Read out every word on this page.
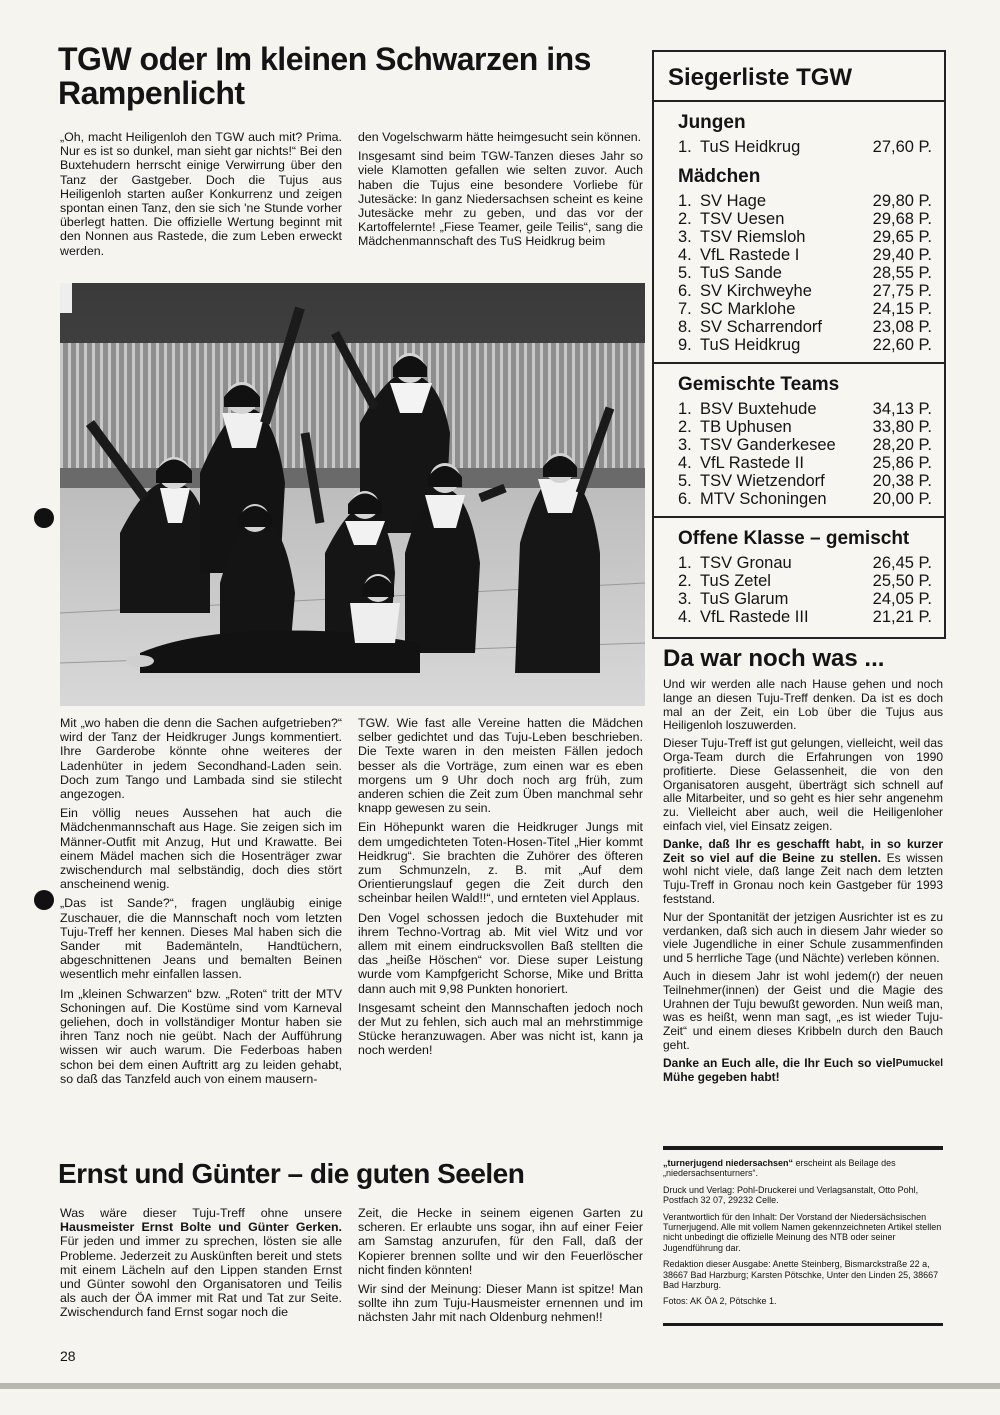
TGW oder Im kleinen Schwarzen ins Rampenlicht

„Oh, macht Heiligenloh den TGW auch mit? Prima. Nur es ist so dunkel, man sieht gar nichts!“ Bei den Buxtehudern herrscht einige Verwirrung über den Tanz der Gastgeber. Doch die Tujus aus Heiligenloh starten außer Konkurrenz und zeigen spontan einen Tanz, den sie sich 'ne Stunde vorher überlegt hatten. Die offizielle Wertung beginnt mit den Nonnen aus Rastede, die zum Leben erweckt werden.

den Vogelschwarm hätte heimgesucht sein können.

Insgesamt sind beim TGW-Tanzen dieses Jahr so viele Klamotten gefallen wie selten zuvor. Auch haben die Tujus eine besondere Vorliebe für Jutesäcke: In ganz Niedersachsen scheint es keine Jutesäcke mehr zu geben, und das vor der Kartoffelernte! „Fiese Teamer, geile Teilis“, sang die Mädchenmannschaft des TuS Heidkrug beim

Mit „wo haben die denn die Sachen aufgetrieben?“ wird der Tanz der Heidkruger Jungs kommentiert. Ihre Garderobe könnte ohne weiteres der Ladenhüter in jedem Secondhand-Laden sein. Doch zum Tango und Lambada sind sie stilecht angezogen.

Ein völlig neues Aussehen hat auch die Mädchenmannschaft aus Hage. Sie zeigen sich im Männer-Outfit mit Anzug, Hut und Krawatte. Bei einem Mädel machen sich die Hosenträger zwar zwischendurch mal selbständig, doch dies stört anscheinend wenig.

„Das ist Sande?“, fragen ungläubig einige Zuschauer, die die Mannschaft noch vom letzten Tuju-Treff her kennen. Dieses Mal haben sich die Sander mit Bademänteln, Handtüchern, abgeschnittenen Jeans und bemalten Beinen wesentlich mehr einfallen lassen.

Im „kleinen Schwarzen“ bzw. „Roten“ tritt der MTV Schoningen auf. Die Kostüme sind vom Karneval geliehen, doch in vollständiger Montur haben sie ihren Tanz noch nie geübt. Nach der Aufführung wissen wir auch warum. Die Federboas haben schon bei dem einen Auftritt arg zu leiden gehabt, so daß das Tanzfeld auch von einem mausern-

TGW. Wie fast alle Vereine hatten die Mädchen selber gedichtet und das Tuju-Leben beschrieben. Die Texte waren in den meisten Fällen jedoch besser als die Vorträge, zum einen war es eben morgens um 9 Uhr doch noch arg früh, zum anderen schien die Zeit zum Üben manchmal sehr knapp gewesen zu sein.

Ein Höhepunkt waren die Heidkruger Jungs mit dem umgedichteten Toten-Hosen-Titel „Hier kommt Heidkrug“. Sie brachten die Zuhörer des öfteren zum Schmunzeln, z. B. mit „Auf dem Orientierungslauf gegen die Zeit durch den scheinbar heilen Wald!!“, und ernteten viel Applaus.

Den Vogel schossen jedoch die Buxtehuder mit ihrem Techno-Vortrag ab. Mit viel Witz und vor allem mit einem eindrucksvollen Baß stellten die das „heiße Höschen“ vor. Diese super Leistung wurde vom Kampfgericht Schorse, Mike und Britta dann auch mit 9,98 Punkten honoriert.

Insgesamt scheint den Mannschaften jedoch noch der Mut zu fehlen, sich auch mal an mehrstimmige Stücke heranzuwagen. Aber was nicht ist, kann ja noch werden!

Siegerliste TGW
Jungen
1. TuS Heidkrug	27,60 P.
Mädchen
1. SV Hage	29,80 P.
2. TSV Uesen	29,68 P.
3. TSV Riemsloh	29,65 P.
4. VfL Rastede I	29,40 P.
5. TuS Sande	28,55 P.
6. SV Kirchweyhe	27,75 P.
7. SC Marklohe	24,15 P.
8. SV Scharrendorf	23,08 P.
9. TuS Heidkrug	22,60 P.
Gemischte Teams
1. BSV Buxtehude	34,13 P.
2. TB Uphusen	33,80 P.
3. TSV Ganderkesee	28,20 P.
4. VfL Rastede II	25,86 P.
5. TSV Wietzendorf	20,38 P.
6. MTV Schoningen	20,00 P.
Offene Klasse – gemischt
1. TSV Gronau	26,45 P.
2. TuS Zetel	25,50 P.
3. TuS Glarum	24,05 P.
4. VfL Rastede III	21,21 P.
Da war noch was ...

Und wir werden alle nach Hause gehen und noch lange an diesen Tuju-Treff denken. Da ist es doch mal an der Zeit, ein Lob über die Tujus aus Heiligenloh loszuwerden.

Dieser Tuju-Treff ist gut gelungen, vielleicht, weil das Orga-Team durch die Erfahrungen von 1990 profitierte. Diese Gelassenheit, die von den Organisatoren ausgeht, überträgt sich schnell auf alle Mitarbeiter, und so geht es hier sehr angenehm zu. Vielleicht aber auch, weil die Heiligenloher einfach viel, viel Einsatz zeigen.

Danke, daß Ihr es geschafft habt, in so kurzer Zeit so viel auf die Beine zu stellen. Es wissen wohl nicht viele, daß lange Zeit nach dem letzten Tuju-Treff in Gronau noch kein Gastgeber für 1993 feststand.

Nur der Spontanität der jetzigen Ausrichter ist es zu verdanken, daß sich auch in diesem Jahr wieder so viele Jugendliche in einer Schule zusammenfinden und 5 herrliche Tage (und Nächte) verleben können.

Auch in diesem Jahr ist wohl jedem(r) der neuen Teilnehmer(innen) der Geist und die Magie des Urahnen der Tuju bewußt geworden. Nun weiß man, was es heißt, wenn man sagt, „es ist wieder Tuju-Zeit“ und einem dieses Kribbeln durch den Bauch geht.

Danke an Euch alle, die Ihr Euch so viel Mühe gegeben habt!
Pumuckel

„turnerjugend niedersachsen“ erscheint als Beilage des „niedersachsenturners“.

Druck und Verlag: Pohl-Druckerei und Verlagsanstalt, Otto Pohl, Postfach 32 07, 29232 Celle.

Verantwortlich für den Inhalt: Der Vorstand der Niedersächsischen Turnerjugend. Alle mit vollem Namen gekennzeichneten Artikel stellen nicht unbedingt die offizielle Meinung des NTB oder seiner Jugendführung dar.

Redaktion dieser Ausgabe: Anette Steinberg, Bismarckstraße 22 a, 38667 Bad Harzburg; Karsten Pötschke, Unter den Linden 25, 38667 Bad Harzburg.

Fotos: AK ÖA 2, Pötschke 1.

Ernst und Günter – die guten Seelen

Was wäre dieser Tuju-Treff ohne unsere Hausmeister Ernst Bolte und Günter Gerken. Für jeden und immer zu sprechen, lösten sie alle Probleme. Jederzeit zu Auskünften bereit und stets mit einem Lächeln auf den Lippen standen Ernst und Günter sowohl den Organisatoren und Teilis als auch der ÖA immer mit Rat und Tat zur Seite. Zwischendurch fand Ernst sogar noch die

Zeit, die Hecke in seinem eigenen Garten zu scheren. Er erlaubte uns sogar, ihn auf einer Feier am Samstag anzurufen, für den Fall, daß der Kopierer brennen sollte und wir den Feuerlöscher nicht finden könnten!

Wir sind der Meinung: Dieser Mann ist spitze! Man sollte ihn zum Tuju-Hausmeister ernennen und im nächsten Jahr mit nach Oldenburg nehmen!!

28
